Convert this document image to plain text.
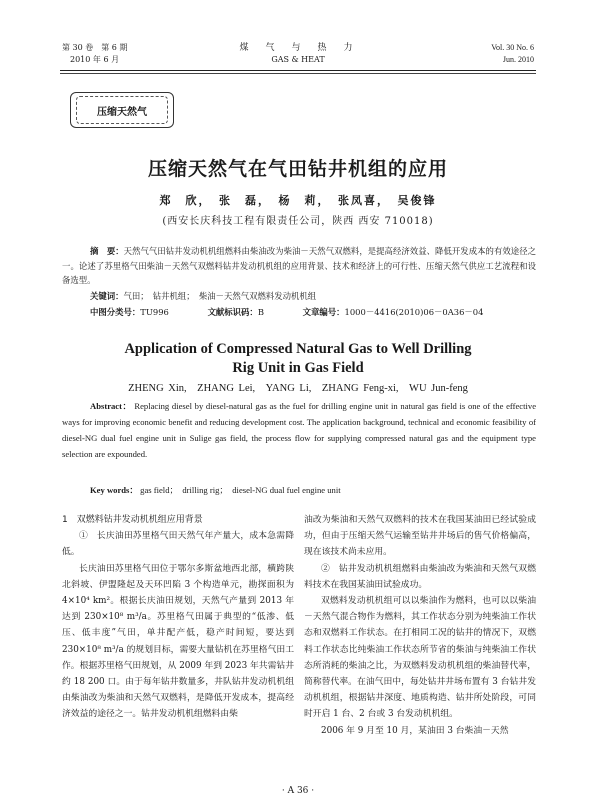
第 30 卷　第 6 期
2010 年 6 月
煤　气　与　热　力
GAS & HEAT
Vol. 30 No. 6
Jun. 2010
压缩天然气
压缩天然气在气田钻井机组的应用
郑　欣，　张　磊，　杨　莉，　张凤喜，　吴俊锋
(西安长庆科技工程有限责任公司，陕西 西安 710018)
摘　要：天然气气田钻井发动机机组燃料由柴油改为柴油－天然气双燃料，是提高经济效益、降低开发成本的有效途径之一。论述了苏里格气田柴油－天然气双燃料钻井发动机机组的应用背景、技术和经济上的可行性、压缩天然气供应工艺流程和设备选型。
关键词：气田；　钻井机组；　柴油－天然气双燃料发动机机组
中图分类号：TU996	文献标识码：B	文章编号：1000－4416(2010)06－0A36－04
Application of Compressed Natural Gas to Well Drilling
Rig Unit in Gas Field
ZHENG Xin,　ZHANG Lei,　YANG Li,　ZHANG Feng-xi,　WU Jun-feng
Abstract： Replacing diesel by diesel-natural gas as the fuel for drilling engine unit in natural gas field is one of the effective ways for improving economic benefit and reducing development cost. The application background, technical and economic feasibility of diesel-NG dual fuel engine unit in Sulige gas field, the process flow for supplying compressed natural gas and the equipment type selection are expounded.
Key words： gas field；　drilling rig；　diesel-NG dual fuel engine unit

1　双燃料钻井发动机机组应用背景

①　长庆油田苏里格气田天然气年产量大，成本急需降低。

长庆油田苏里格气田位于鄂尔多斯盆地西北部，横跨陕北斜坡、伊盟隆起及天环凹陷 3 个构造单元，勘探面积为 4×10⁴ km²。根据长庆油田规划，天然气产量到 2013 年达到 230×10⁸ m³/a。苏里格气田属于典型的“低渗、低压、低丰度”气田，单井配产低，稳产时间短，要达到 230×10⁸ m³/a 的规划目标，需要大量钻机在苏里格气田工作。根据苏里格气田规划，从 2009 年到 2023 年共需钻井约 18 200 口。由于每年钻井数量多，井队钻井发动机机组由柴油改为柴油和天然气双燃料，是降低开发成本，提高经济效益的途径之一。钻井发动机机组燃料由柴

油改为柴油和天然气双燃料的技术在我国某油田已经试验成功，但由于压缩天然气运输至钻井井场后的售气价格偏高，现在该技术尚未应用。

②　钻井发动机机组燃料由柴油改为柴油和天然气双燃料技术在我国某油田试验成功。

双燃料发动机机组可以以柴油作为燃料，也可以以柴油－天然气混合物作为燃料，其工作状态分别为纯柴油工作状态和双燃料工作状态。在打相同工况的钻井的情况下，双燃料工作状态比纯柴油工作状态所节省的柴油与纯柴油工作状态所消耗的柴油之比，为双燃料发动机机组的柴油替代率，简称替代率。在油气田中，每处钻井井场布置有 3 台钻井发动机机组，根据钻井深度、地质构造、钻井所处阶段，可同时开启 1 台、2 台或 3 台发动机机组。

2006 年 9 月至 10 月，某油田 3 台柴油－天然

· A 36 ·
